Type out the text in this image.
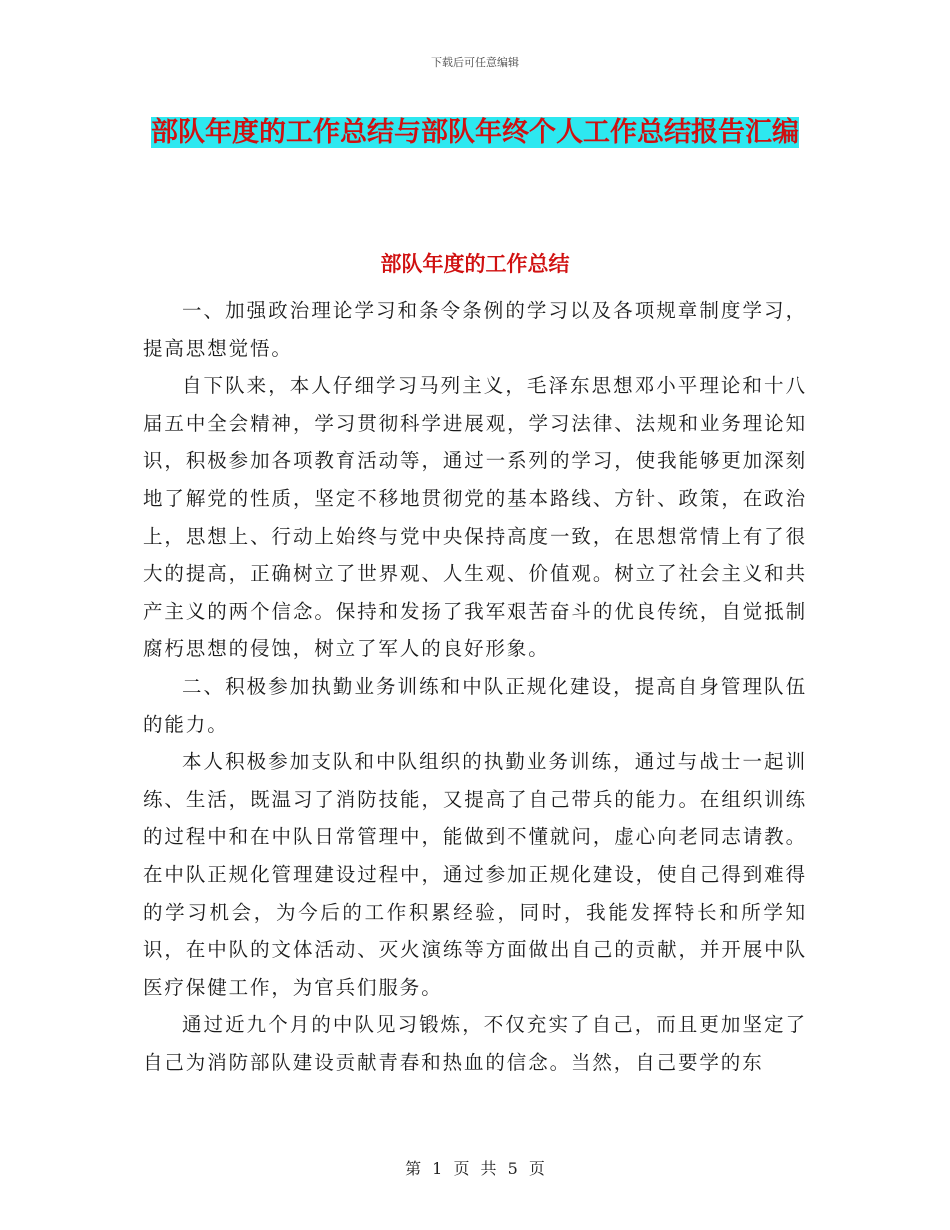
下载后可任意编辑
部队年度的工作总结与部队年终个人工作总结报告汇编
部队年度的工作总结

一、加强政治理论学习和条令条例的学习以及各项规章制度学习，提高思想觉悟。

自下队来，本人仔细学习马列主义，毛泽东思想邓小平理论和十八届五中全会精神，学习贯彻科学进展观，学习法律、法规和业务理论知识，积极参加各项教育活动等，通过一系列的学习，使我能够更加深刻地了解党的性质，坚定不移地贯彻党的基本路线、方针、政策，在政治上，思想上、行动上始终与党中央保持高度一致，在思想常情上有了很大的提高，正确树立了世界观、人生观、价值观。树立了社会主义和共产主义的两个信念。保持和发扬了我军艰苦奋斗的优良传统，自觉抵制腐朽思想的侵蚀，树立了军人的良好形象。

二、积极参加执勤业务训练和中队正规化建设，提高自身管理队伍的能力。

本人积极参加支队和中队组织的执勤业务训练，通过与战士一起训练、生活，既温习了消防技能，又提高了自己带兵的能力。在组织训练的过程中和在中队日常管理中，能做到不懂就问，虚心向老同志请教。在中队正规化管理建设过程中，通过参加正规化建设，使自己得到难得的学习机会，为今后的工作积累经验，同时，我能发挥特长和所学知识，在中队的文体活动、灭火演练等方面做出自己的贡献，并开展中队医疗保健工作，为官兵们服务。

通过近九个月的中队见习锻炼，不仅充实了自己，而且更加坚定了自己为消防部队建设贡献青春和热血的信念。当然，自己要学的东

第 1 页 共 5 页
